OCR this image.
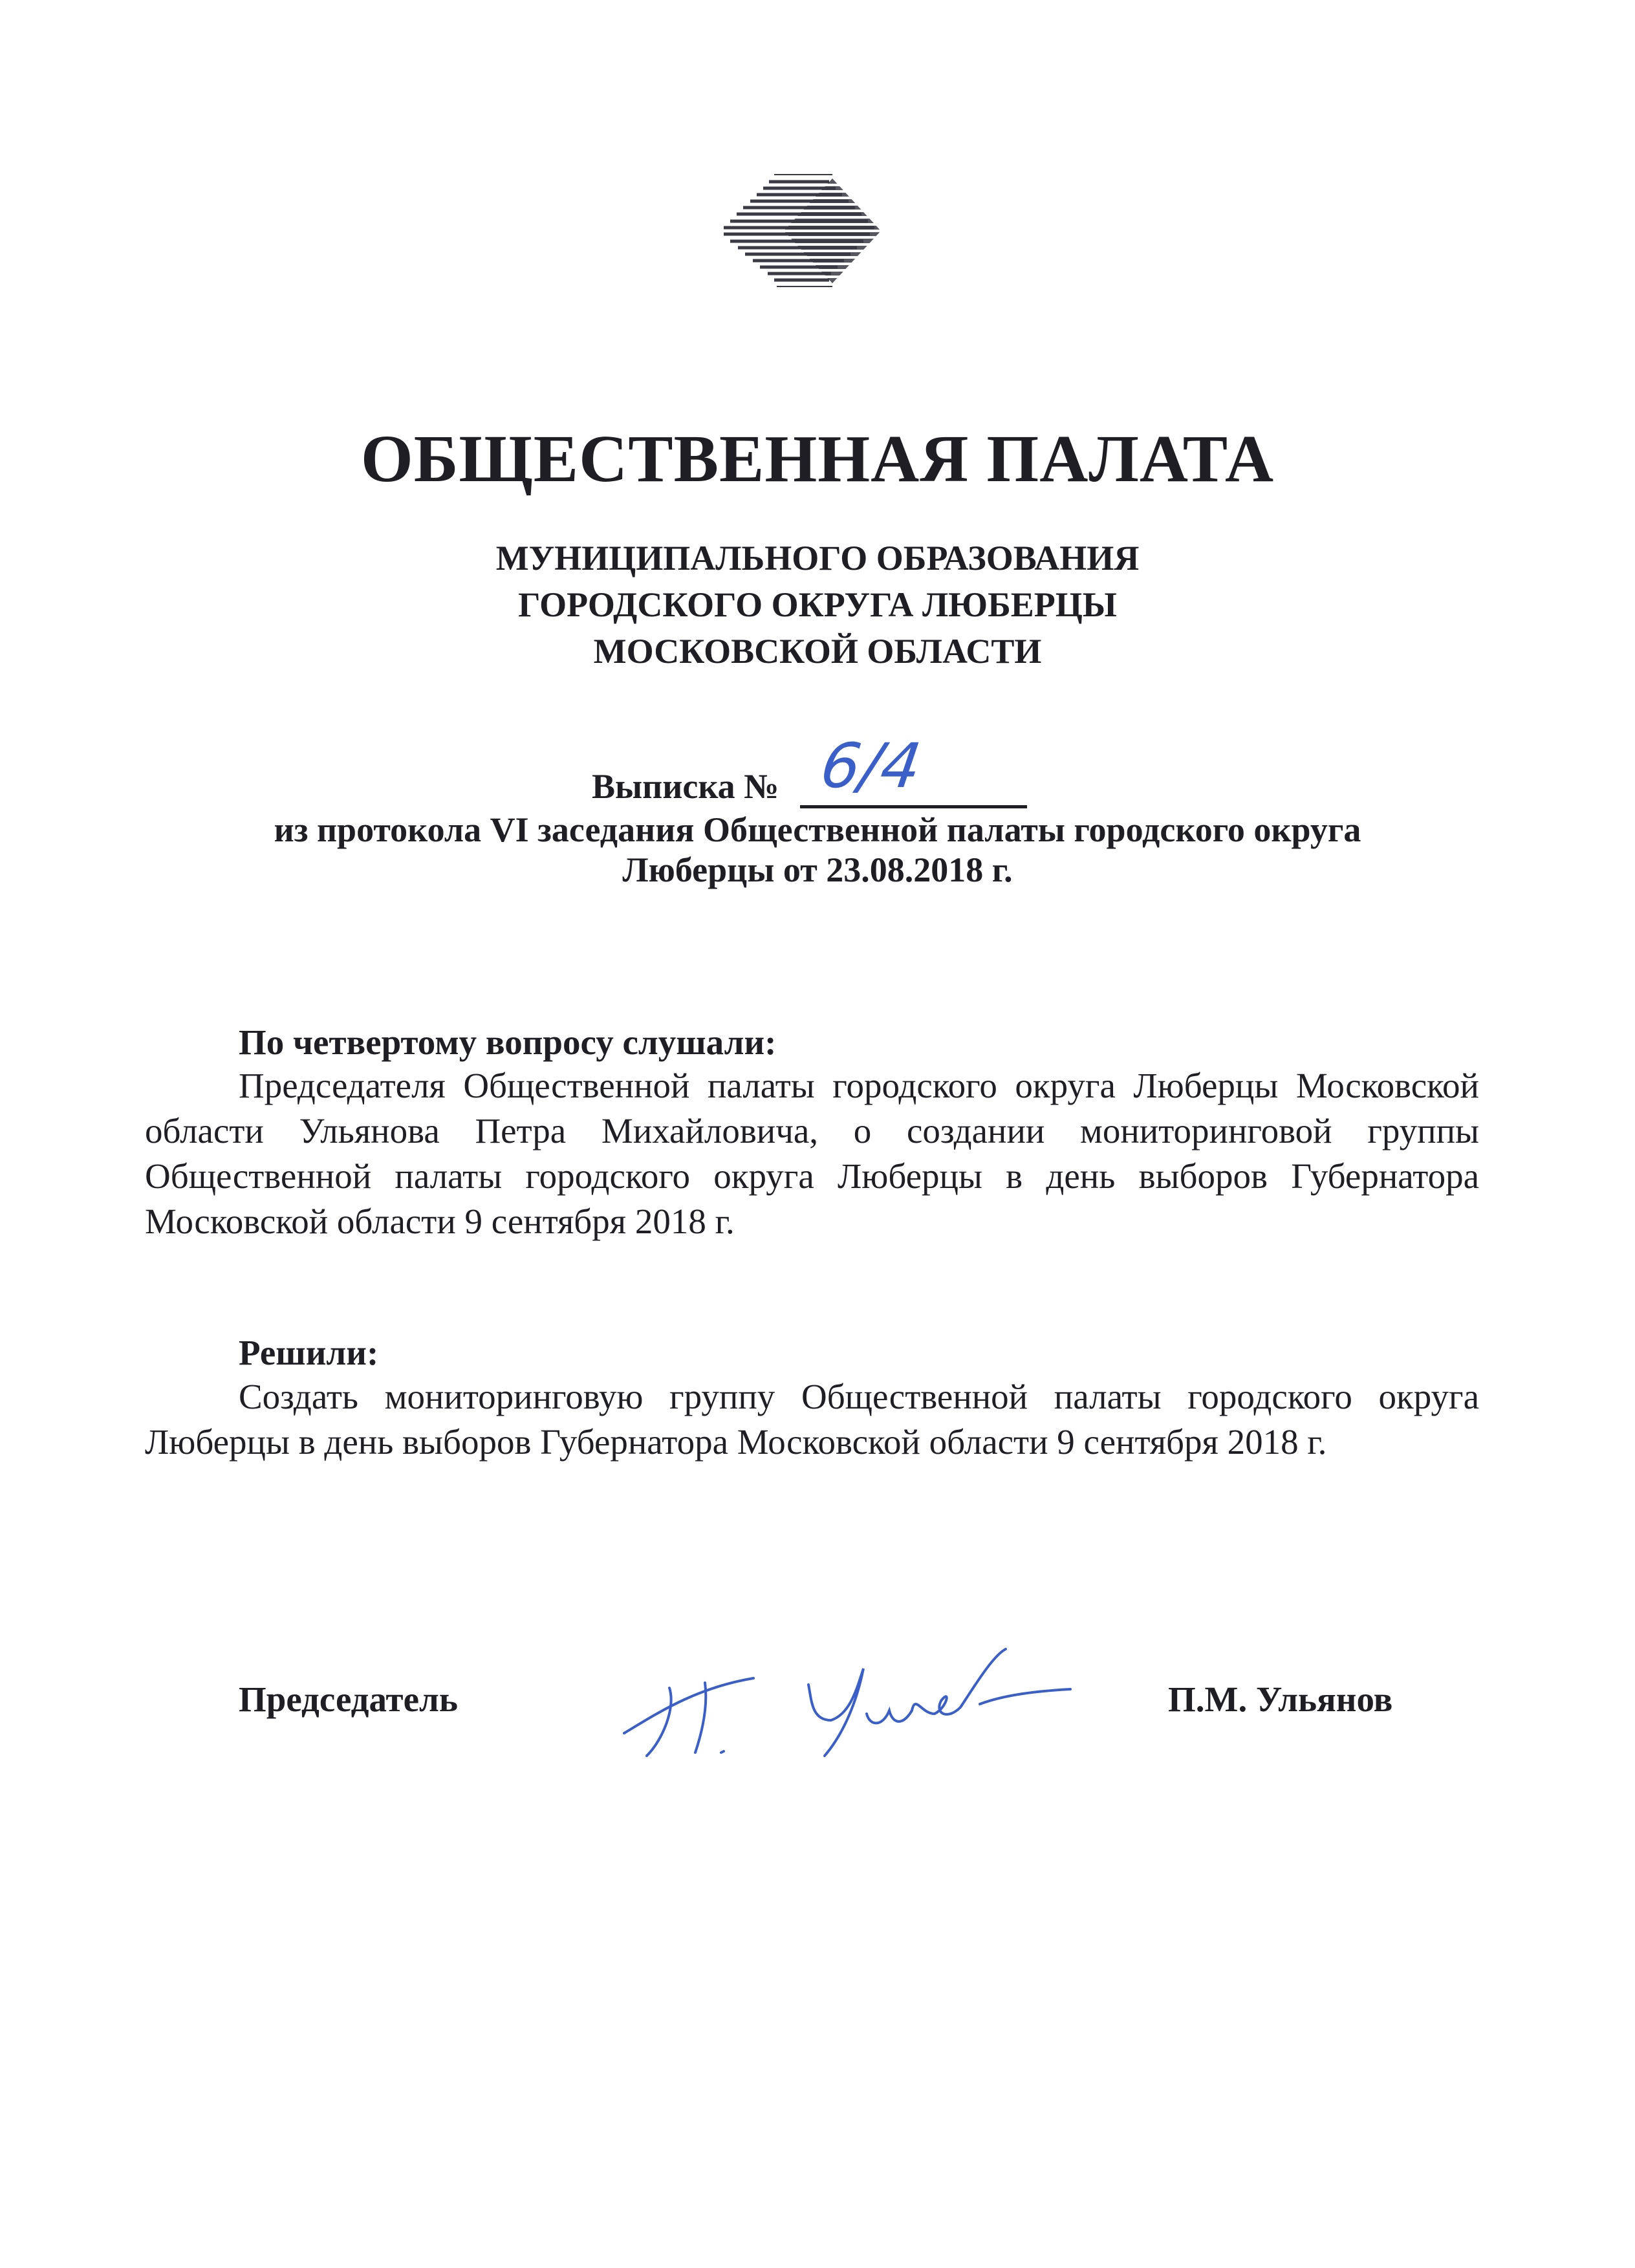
ОБЩЕСТВЕННАЯ ПАЛАТА
МУНИЦИПАЛЬНОГО ОБРАЗОВАНИЯ
ГОРОДСКОГО ОКРУГА ЛЮБЕРЦЫ
МОСКОВСКОЙ ОБЛАСТИ
Выписка № 6/4
из протокола VI заседания Общественной палаты городского округа
Люберцы от 23.08.2018 г.
По четвертому вопросу слушали:
Председателя Общественной палаты городского округа Люберцы Московской области Ульянова Петра Михайловича, о создании мониторинговой группы Общественной палаты городского округа Люберцы в день выборов Губернатора Московской области 9 сентября 2018 г.
Решили:
Создать мониторинговую группу Общественной палаты городского округа Люберцы в день выборов Губернатора Московской области 9 сентября 2018 г.
Председатель	П.М. Ульянов
